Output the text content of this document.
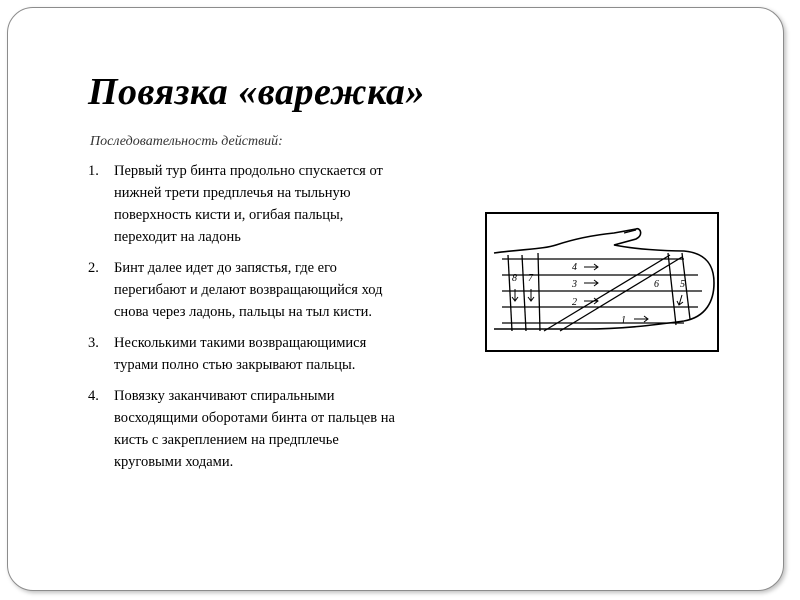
Повязка «варежка»
Последовательность действий:
1. Первый тур бинта продольно спускается от нижней трети предплечья на тыльную поверхность кисти и, огибая пальцы, переходит на ладонь
2. Бинт далее идет до запястья, где его перегибают и делают возвращающийся ход снова через ладонь, пальцы на тыл кисти.
3. Несколькими такими возвращающимися турами полно стью закрывают пальцы.
4. Повязку заканчивают спиральными восходящими оборотами бинта от пальцев на кисть с закреплением на предплечье круговыми ходами.
8 7
4
3
2
1
6 5
